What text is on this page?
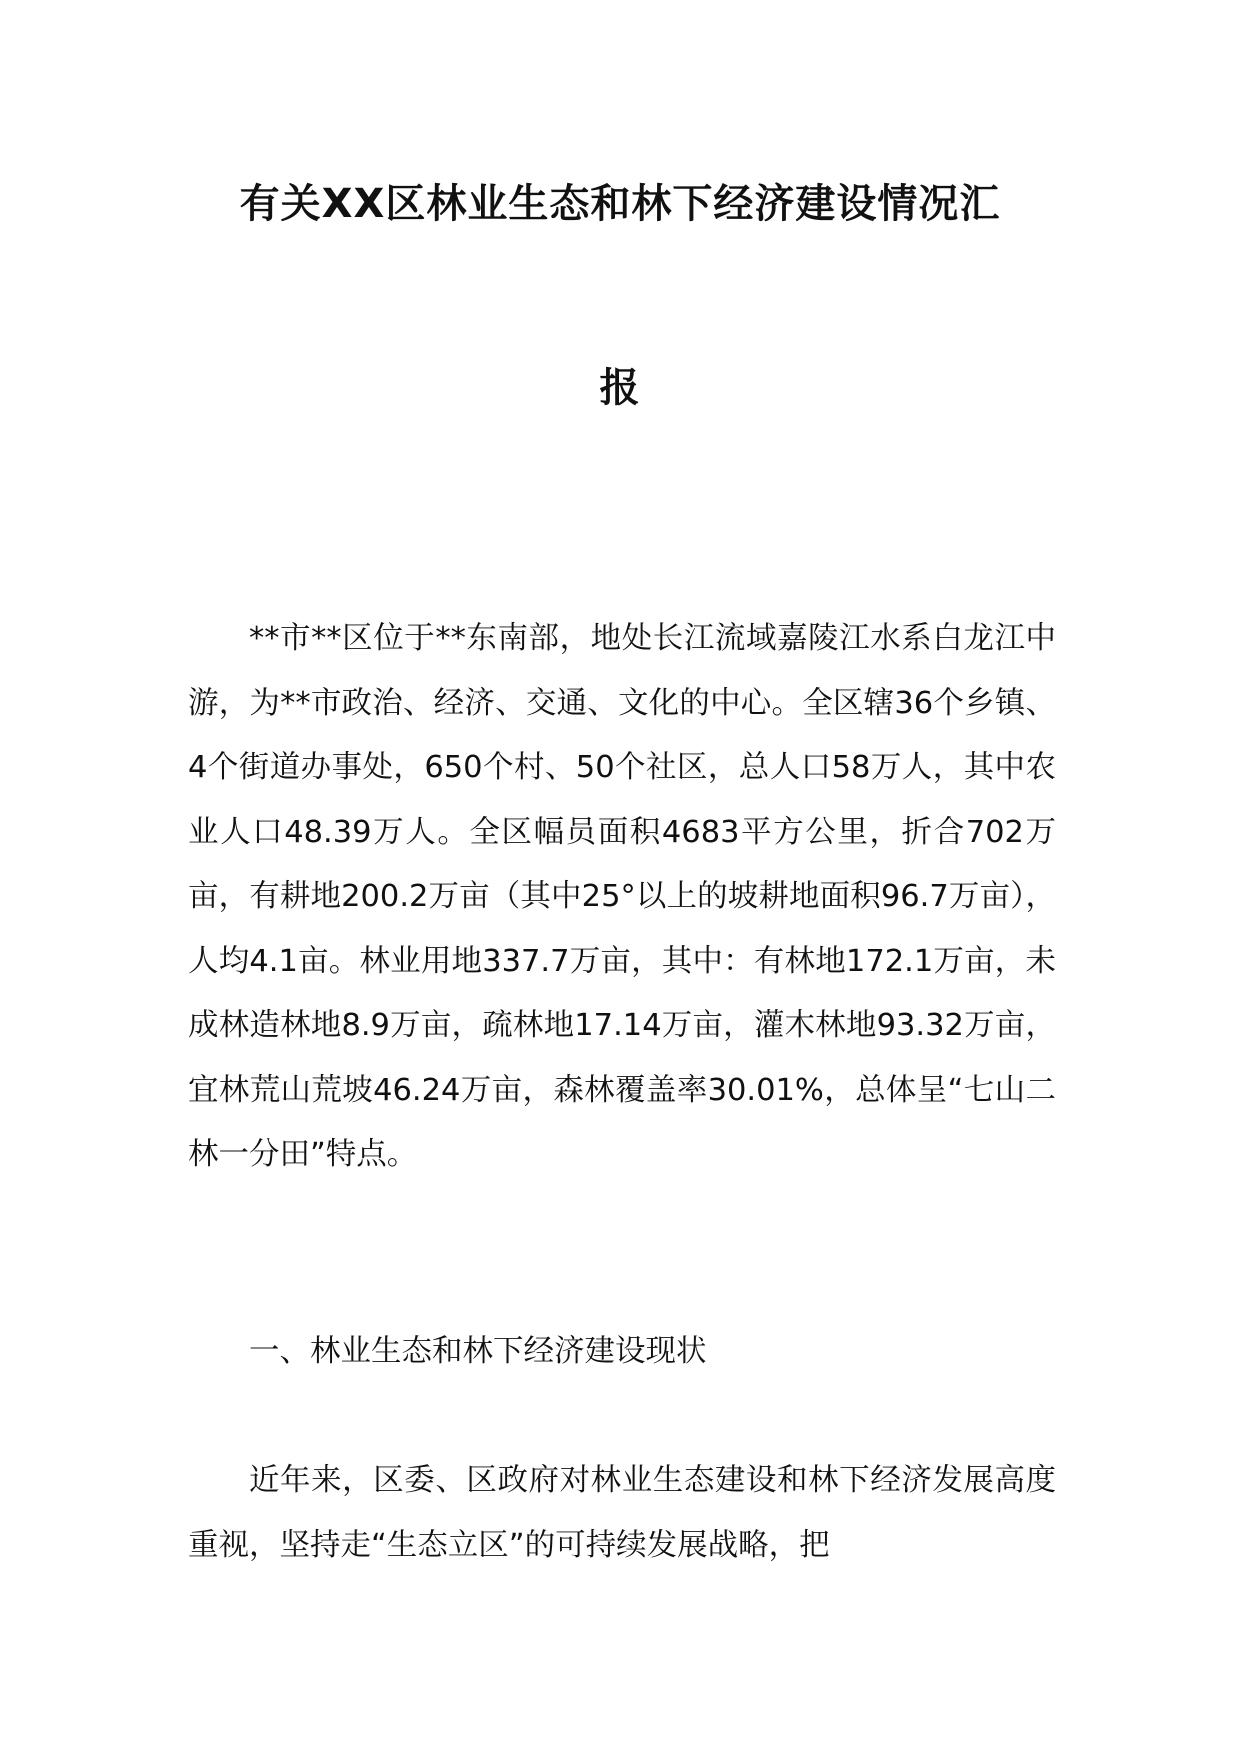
有关XX区林业生态和林下经济建设情况汇
报

**市**区位于**东南部，地处长江流域嘉陵江水系白龙江中游，为**市政治、经济、交通、文化的中心。全区辖36个乡镇、4个街道办事处，650个村、50个社区，总人口58万人，其中农业人口48.39万人。全区幅员面积4683平方公里，折合702万亩，有耕地200.2万亩（其中25°以上的坡耕地面积96.7万亩），人均4.1亩。林业用地337.7万亩，其中：有林地172.1万亩，未成林造林地8.9万亩，疏林地17.14万亩，灌木林地93.32万亩，宜林荒山荒坡46.24万亩，森林覆盖率30.01%，总体呈“七山二林一分田”特点。

一、林业生态和林下经济建设现状

近年来，区委、区政府对林业生态建设和林下经济发展高度重视，坚持走“生态立区”的可持续发展战略，把
